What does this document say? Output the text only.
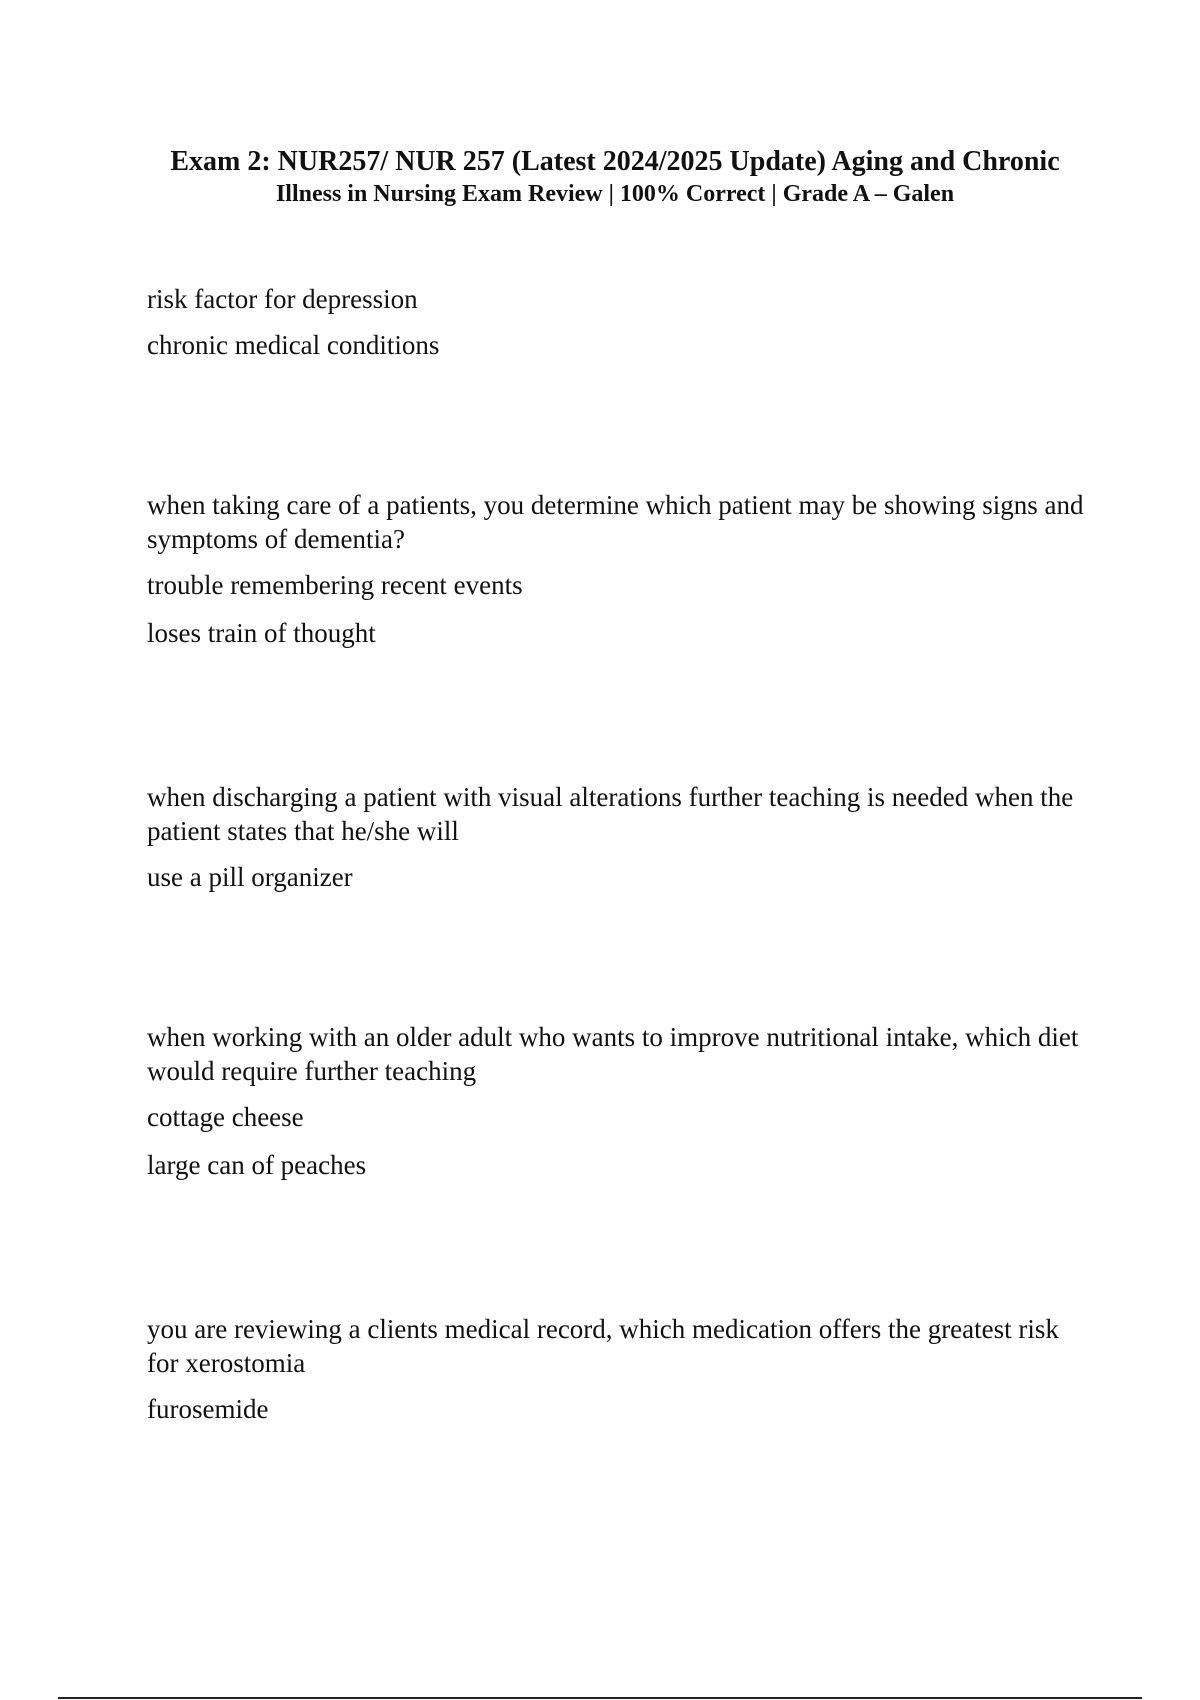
Exam 2: NUR257/ NUR 257 (Latest 2024/2025 Update) Aging and Chronic
Illness in Nursing Exam Review | 100% Correct | Grade A – Galen

risk factor for depression

chronic medical conditions

when taking care of a patients, you determine which patient may be showing signs and symptoms of dementia?

trouble remembering recent events

loses train of thought

when discharging a patient with visual alterations further teaching is needed when the patient states that he/she will

use a pill organizer

when working with an older adult who wants to improve nutritional intake, which diet would require further teaching

cottage cheese

large can of peaches

you are reviewing a clients medical record, which medication offers the greatest risk for xerostomia

furosemide
